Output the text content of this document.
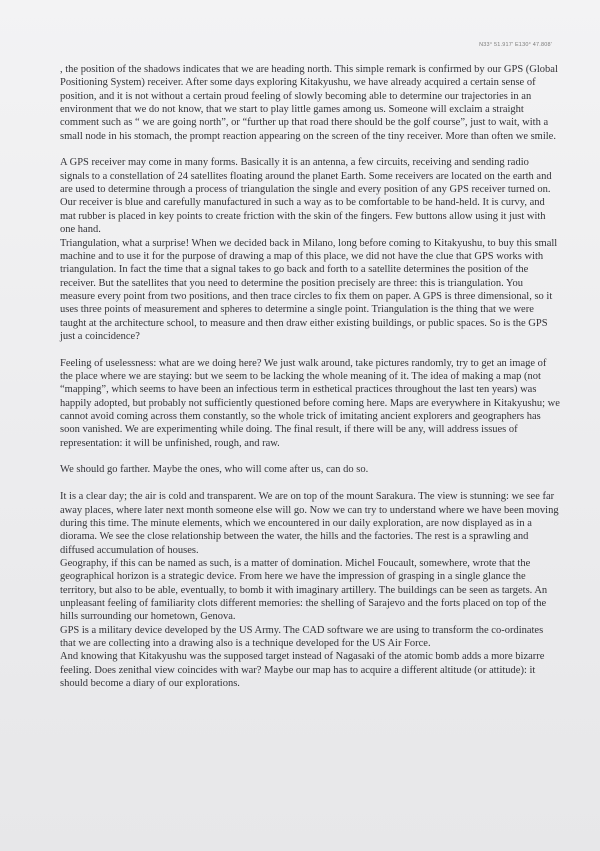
N33° 51.917' E130° 47.808'

, the position of the shadows indicates that we are heading north. This simple remark is confirmed by our GPS (Global Positioning System) receiver. After some days exploring Kitakyushu, we have already acquired a certain sense of position, and it is not without a certain proud feeling of slowly becoming able to determine our trajectories in an environment that we do not know, that we start to play little games among us. Someone will exclaim a straight comment such as “ we are going north”, or “further up that road there should be the golf course”, just to wait, with a small node in his stomach, the prompt reaction appearing on the screen of the tiny receiver. More than often we smile.

A GPS receiver may come in many forms. Basically it is an antenna, a few circuits, receiving and sending radio signals to a constellation of 24 satellites floating around the planet Earth. Some receivers are located on the earth and are used to determine through a process of triangulation the single and every position of any GPS receiver turned on. Our receiver is blue and carefully manufactured in such a way as to be comfortable to be hand-held. It is curvy, and mat rubber is placed in key points to create friction with the skin of the fingers. Few buttons allow using it just with one hand.

Triangulation, what a surprise! When we decided back in Milano, long before coming to Kitakyushu, to buy this small machine and to use it for the purpose of drawing a map of this place, we did not have the clue that GPS works with triangulation. In fact the time that a signal takes to go back and forth to a satellite determines the position of the receiver. But the satellites that you need to determine the position precisely are three: this is triangulation. You measure every point from two positions, and then trace circles to fix them on paper. A GPS is three dimensional, so it uses three points of measurement and spheres to determine a single point. Triangulation is the thing that we were taught at the architecture school, to measure and then draw either existing buildings, or public spaces. So is the GPS just a coincidence?

Feeling of uselessness: what are we doing here? We just walk around, take pictures randomly, try to get an image of the place where we are staying: but we seem to be lacking the whole meaning of it. The idea of making a map (not “mapping”, which seems to have been an infectious term in esthetical practices throughout the last ten years) was happily adopted, but probably not sufficiently questioned before coming here. Maps are everywhere in Kitakyushu; we cannot avoid coming across them constantly, so the whole trick of imitating ancient explorers and geographers has soon vanished. We are experimenting while doing. The final result, if there will be any, will address issues of representation: it will be unfinished, rough, and raw.

We should go farther. Maybe the ones, who will come after us, can do so.

It is a clear day; the air is cold and transparent. We are on top of the mount Sarakura. The view is stunning: we see far away places, where later next month someone else will go. Now we can try to understand where we have been moving during this time. The minute elements, which we encountered in our daily exploration, are now displayed as in a diorama. We see the close relationship between the water, the hills and the factories. The rest is a sprawling and diffused accumulation of houses.

Geography, if this can be named as such, is a matter of domination. Michel Foucault, somewhere, wrote that the geographical horizon is a strategic device. From here we have the impression of grasping in a single glance the territory, but also to be able, eventually, to bomb it with imaginary artillery. The buildings can be seen as targets. An unpleasant feeling of familiarity clots different memories: the shelling of Sarajevo and the forts placed on top of the hills surrounding our hometown, Genova.

GPS is a military device developed by the US Army. The CAD software we are using to transform the co-ordinates that we are collecting into a drawing also is a technique developed for the US Air Force.

And knowing that Kitakyushu was the supposed target instead of Nagasaki of the atomic bomb adds a more bizarre feeling. Does zenithal view coincides with war? Maybe our map has to acquire a different altitude (or attitude): it should become a diary of our explorations.
